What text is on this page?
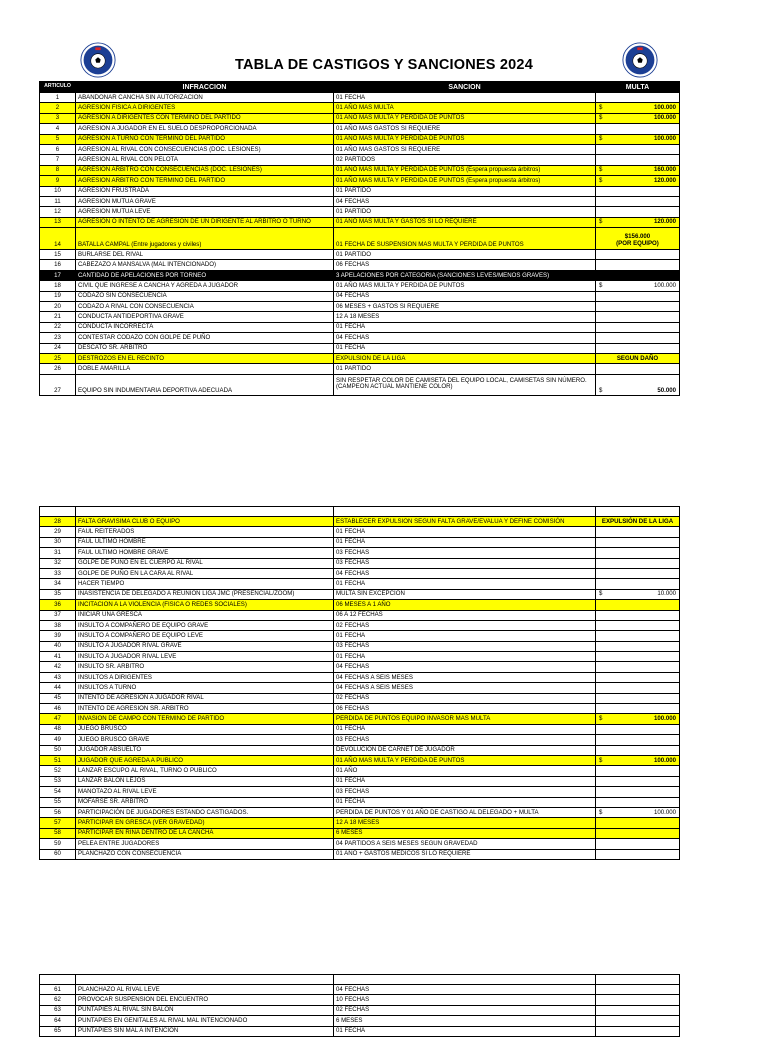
TABLA DE CASTIGOS Y SANCIONES 2024
ARTICULO	INFRACCION	SANCION	MULTA
1	ABANDONAR CANCHA SIN AUTORIZACION	01 FECHA	
2	AGRESION FISICA A DIRIGENTES	01 AÑO MAS MULTA	$ 100.000

3	AGRESION A DIRIGENTES CON TERMINO DEL PARTIDO	01 AÑO MAS MULTA Y PERDIDA DE PUNTOS	$ 100.000

4	AGRESION A JUGADOR EN EL SUELO DESPROPORCIONADA	01 AÑO MAS GASTOS SI REQUIERE	
5	AGRESION A TURNO CON TERMINO DEL PARTIDO	01 AÑO MAS MULTA Y PERDIDA DE PUNTOS	$ 100.000

6	AGRESION AL RIVAL CON CONSECUENCIAS (DOC. LESIONES)	01 AÑO MAS GASTOS SI REQUIERE	
7	AGRESION AL RIVAL CON PELOTA	02 PARTIDOS	
8	AGRESION ARBITRO CON CONSECUENCIAS (DOC. LESIONES)	01 AÑO MAS MULTA Y PERDIDA DE PUNTOS (Espera propuesta árbitros)	$ 160.000

9	AGRESION ARBITRO CON TERMINO DEL PARTIDO	01 AÑO MAS MULTA Y PERDIDA DE PUNTOS (Espera propuesta árbitros)	$ 120.000

10	AGRESION FRUSTRADA	01 PARTIDO	
11	AGRESION MUTUA GRAVE	04 FECHAS	
12	AGRESION MUTUA LEVE	01 PARTIDO	
13	AGRESION O INTENTO DE AGRESION DE UN DIRIGENTE AL ARBITRO O TURNO	01 AÑO MAS MULTA Y GASTOS SI LO REQUIERE	$ 120.000

14	BATALLA CAMPAL (Entre jugadores y civiles)	01 FECHA DE SUSPENSION MAS MULTA Y PERDIDA DE PUNTOS	$156.000
(POR EQUIPO)

15	BURLARSE DEL RIVAL	01 PARTIDO	
16	CABEZAZO A MANSALVA (MAL INTENCIONADO)	06 FECHAS	
17	CANTIDAD DE APELACIONES POR TORNEO	3 APELACIONES POR CATEGORIA (SANCIONES LEVES/MENOS GRAVES)	
18	CIVIL QUE INGRESE A CANCHA Y AGREDA A JUGADOR	01 AÑO MAS MULTA Y PERDIDA DE PUNTOS	$ 100.000

19	CODAZO SIN CONSECUENCIA	04 FECHAS	
20	CODAZO A RIVAL CON CONSECUENCIA	06 MESES + GASTOS SI REQUIERE	
21	CONDUCTA ANTIDEPORTIVA GRAVE	12 A 18 MESES	
22	CONDUCTA INCORRECTA	01 FECHA	
23	CONTESTAR CODAZO CON GOLPE DE PUÑO	04 FECHAS	
24	DESCATO SR. ARBITRO	01 FECHA	
25	DESTROZOS EN EL RECINTO	EXPULSION DE LA LIGA	SEGUN DAÑO
26	DOBLE AMARILLA	01 PARTIDO	
27	EQUIPO SIN INDUMENTARIA DEPORTIVA ADECUADA	SIN RESPETAR COLOR DE CAMISETA DEL EQUIPO LOCAL, CAMISETAS SIN NÚMERO. (CAMPEON ACTUAL MANTIENE COLOR)	$ 50.000

28	FALTA GRAVISIMA CLUB O EQUIPO	ESTABLECER EXPULSION SEGUN FALTA GRAVE/EVALUA Y DEFINE COMISIÓN	EXPULSIÓN DE LA LIGA
29	FAUL REITERADOS	01 FECHA	
30	FAUL ULTIMO HOMBRE	01 FECHA	
31	FAUL ULTIMO HOMBRE GRAVE	03 FECHAS	
32	GOLPE DE PUÑO EN EL CUERPO AL RIVAL	03 FECHAS	
33	GOLPE DE PUÑO EN LA CARA AL RIVAL	04 FECHAS	
34	HACER TIEMPO	01 FECHA	
35	INASISTENCIA DE DELEGADO A REUNION LIGA JMC (PRESENCIAL/ZOOM)	MULTA SIN EXCEPCION	$ 10.000

36	INCITACION A LA VIOLENCIA (FISICA O REDES SOCIALES)	06 MESES A 1 AÑO	
37	INICIAR UNA GRESCA	06 A 12 FECHAS	
38	INSULTO A COMPAÑERO DE EQUIPO GRAVE	02 FECHAS	
39	INSULTO A COMPAÑERO DE EQUIPO LEVE	01 FECHA	
40	INSULTO A JUGADOR RIVAL GRAVE	03 FECHAS	
41	INSULTO A JUGADOR RIVAL LEVE	01 FECHA	
42	INSULTO SR. ARBITRO	04 FECHAS	
43	INSULTOS A DIRIGENTES	04 FECHAS A SEIS MESES	
44	INSULTOS A TURNO	04 FECHAS A SEIS MESES	
45	INTENTO DE AGRESION A JUGADOR RIVAL	02 FECHAS	
46	INTENTO DE AGRESION SR. ARBITRO	06 FECHAS	
47	INVASION DE CAMPO CON TERMINO DE PARTIDO	PERDIDA DE PUNTOS EQUIPO INVASOR MAS MULTA	$ 100.000

48	JUEGO BRUSCO	01 FECHA	
49	JUEGO BRUSCO GRAVE	03 FECHAS	
50	JUGADOR ABSUELTO	DEVOLUCION DE CARNET DE JUGADOR	
51	JUGADOR QUE AGREDA A PUBLICO	01 AÑO MAS MULTA Y PERDIDA DE PUNTOS	$ 100.000

52	LANZAR ESCUPO AL RIVAL, TURNO O PUBLICO	01 AÑO	
53	LANZAR BALON LEJOS	01 FECHA	
54	MANOTAZO AL RIVAL LEVE	03 FECHAS	
55	MOFARSE SR. ARBITRO	01 FECHA	
56	PARTICIPACIÓN DE JUGADORES ESTANDO CASTIGADOS.	PERDIDA DE PUNTOS Y 01 AÑO DE CASTIGO AL DELEGADO + MULTA	$ 100.000

57	PARTICIPAR EN GRESCA (VER GRAVEDAD)	12 A 18 MESES	
58	PARTICIPAR EN RIÑA DENTRO DE LA CANCHA	6 MESES	
59	PELEA ENTRE JUGADORES	04 PARTIDOS A SEIS MESES SEGUN GRAVEDAD	
60	PLANCHAZO CON CONSECUENCIA	01 AÑO + GASTOS MEDICOS SI LO REQUIERE	

61	PLANCHAZO AL RIVAL LEVE	04 FECHAS	
62	PROVOCAR SUSPENSION DEL ENCUENTRO	10 FECHAS	
63	PUNTAPIES AL RIVAL SIN BALON	02 FECHAS	
64	PUNTAPIES EN GENITALES AL RIVAL MAL INTENCIONADO	6 MESES	
65	PUNTAPIES SIN MAL A INTENCION	01 FECHA	
